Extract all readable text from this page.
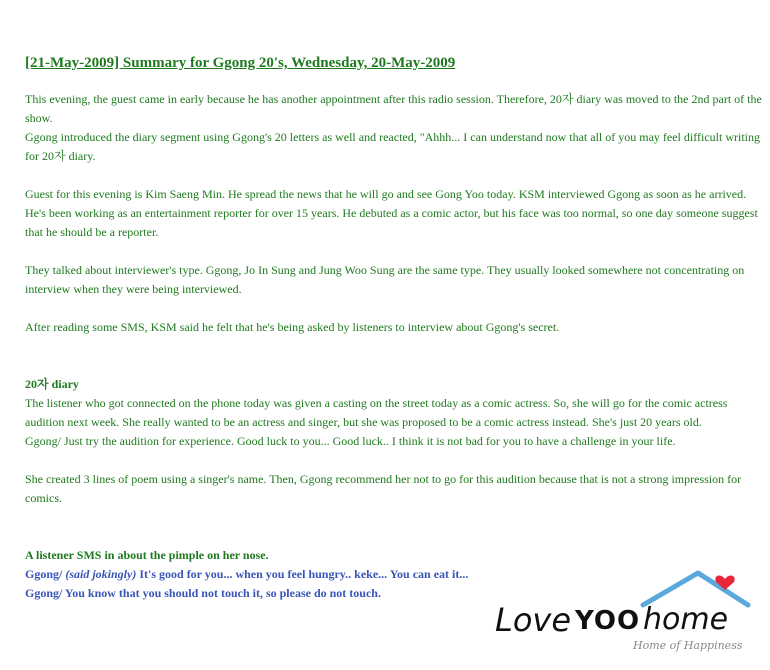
[21-May-2009] Summary for Ggong 20's, Wednesday, 20-May-2009

This evening, the guest came in early because he has another appointment after this radio session. Therefore, 20자 diary was moved to the 2nd part of the show.

Ggong introduced the diary segment using Ggong's 20 letters as well and reacted, "Ahhh... I can understand now that all of you may feel difficult writing for 20자 diary.

Guest for this evening is Kim Saeng Min. He spread the news that he will go and see Gong Yoo today. KSM interviewed Ggong as soon as he arrived. He's been working as an entertainment reporter for over 15 years. He debuted as a comic actor, but his face was too normal, so one day someone suggest that he should be a reporter.

They talked about interviewer's type. Ggong, Jo In Sung and Jung Woo Sung are the same type. They usually looked somewhere not concentrating on interview when they were being interviewed.

After reading some SMS, KSM said he felt that he's being asked by listeners to interview about Ggong's secret.

20자 diary

The listener who got connected on the phone today was given a casting on the street today as a comic actress. So, she will go for the comic actress audition next week. She really wanted to be an actress and singer, but she was proposed to be a comic actress instead. She's just 20 years old.

Ggong/ Just try the audition for experience. Good luck to you... Good luck.. I think it is not bad for you to have a challenge in your life.

She created 3 lines of poem using a singer's name. Then, Ggong recommend her not to go for this audition because that is not a strong impression for comics.

A listener SMS in about the pimple on her nose.

Ggong/ (said jokingly) It's good for you... when you feel hungry.. keke... You can eat it...

Ggong/ You know that you should not touch it, so please do not touch.

Love YOO home
Home of Happiness
